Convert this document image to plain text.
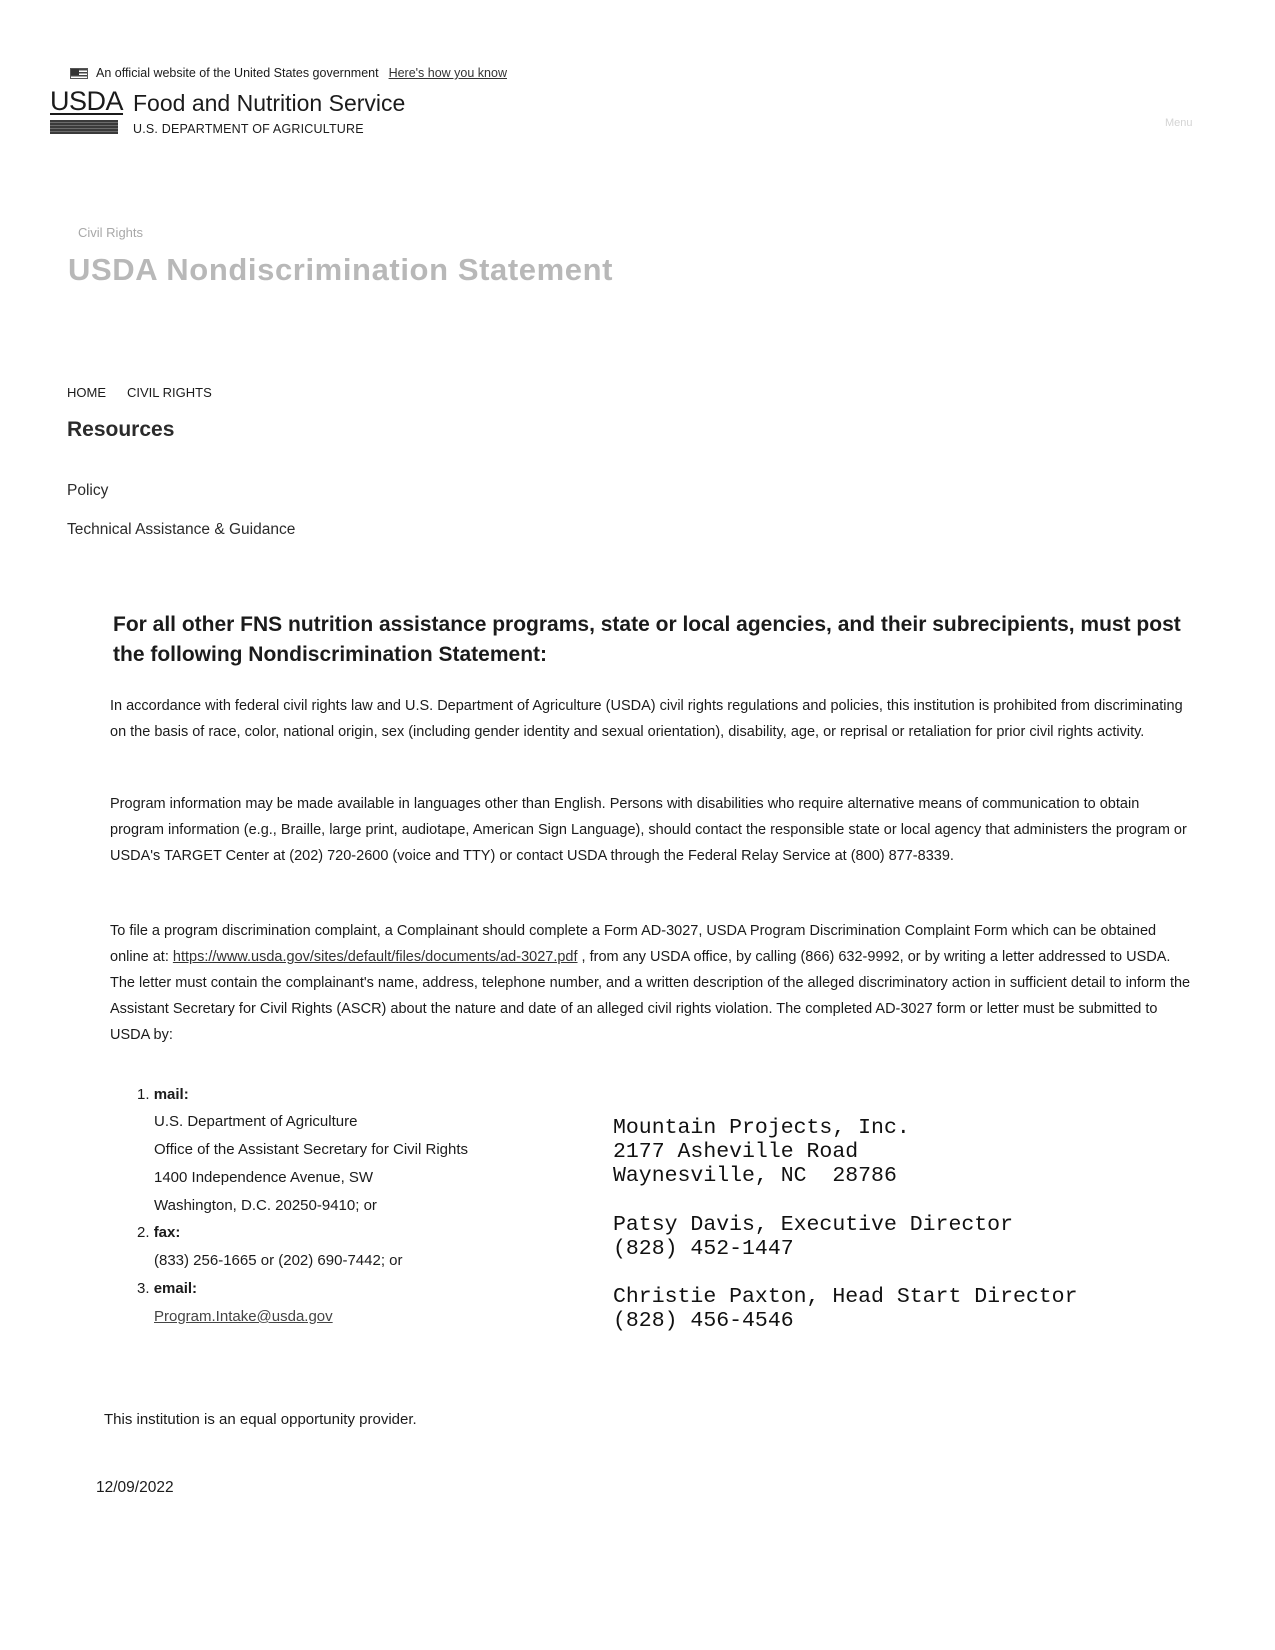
An official website of the United States government Here's how you know
USDA Food and Nutrition Service
U.S. DEPARTMENT OF AGRICULTURE	Menu
Civil Rights
USDA Nondiscrimination Statement
HOME CIVIL RIGHTS
Resources
Policy
Technical Assistance & Guidance
For all other FNS nutrition assistance programs, state or local agencies, and their subrecipients, must post the following Nondiscrimination Statement:
In accordance with federal civil rights law and U.S. Department of Agriculture (USDA) civil rights regulations and policies, this institution is prohibited from discriminating on the basis of race, color, national origin, sex (including gender identity and sexual orientation), disability, age, or reprisal or retaliation for prior civil rights activity.
Program information may be made available in languages other than English. Persons with disabilities who require alternative means of communication to obtain program information (e.g., Braille, large print, audiotape, American Sign Language), should contact the responsible state or local agency that administers the program or USDA's TARGET Center at (202) 720-2600 (voice and TTY) or contact USDA through the Federal Relay Service at (800) 877-8339.
To file a program discrimination complaint, a Complainant should complete a Form AD-3027, USDA Program Discrimination Complaint Form which can be obtained online at: https://www.usda.gov/sites/default/files/documents/ad-3027.pdf , from any USDA office, by calling (866) 632-9992, or by writing a letter addressed to USDA. The letter must contain the complainant's name, address, telephone number, and a written description of the alleged discriminatory action in sufficient detail to inform the Assistant Secretary for Civil Rights (ASCR) about the nature and date of an alleged civil rights violation. The completed AD-3027 form or letter must be submitted to USDA by:
1. mail:
U.S. Department of Agriculture
Office of the Assistant Secretary for Civil Rights
1400 Independence Avenue, SW
Washington, D.C. 20250-9410; or
2. fax:
(833) 256-1665 or (202) 690-7442; or
3. email:
Program.Intake@usda.gov
Mountain Projects, Inc.
2177 Asheville Road
Waynesville, NC  28786
Patsy Davis, Executive Director
(828) 452-1447
Christie Paxton, Head Start Director
(828) 456-4546
This institution is an equal opportunity provider.
12/09/2022
